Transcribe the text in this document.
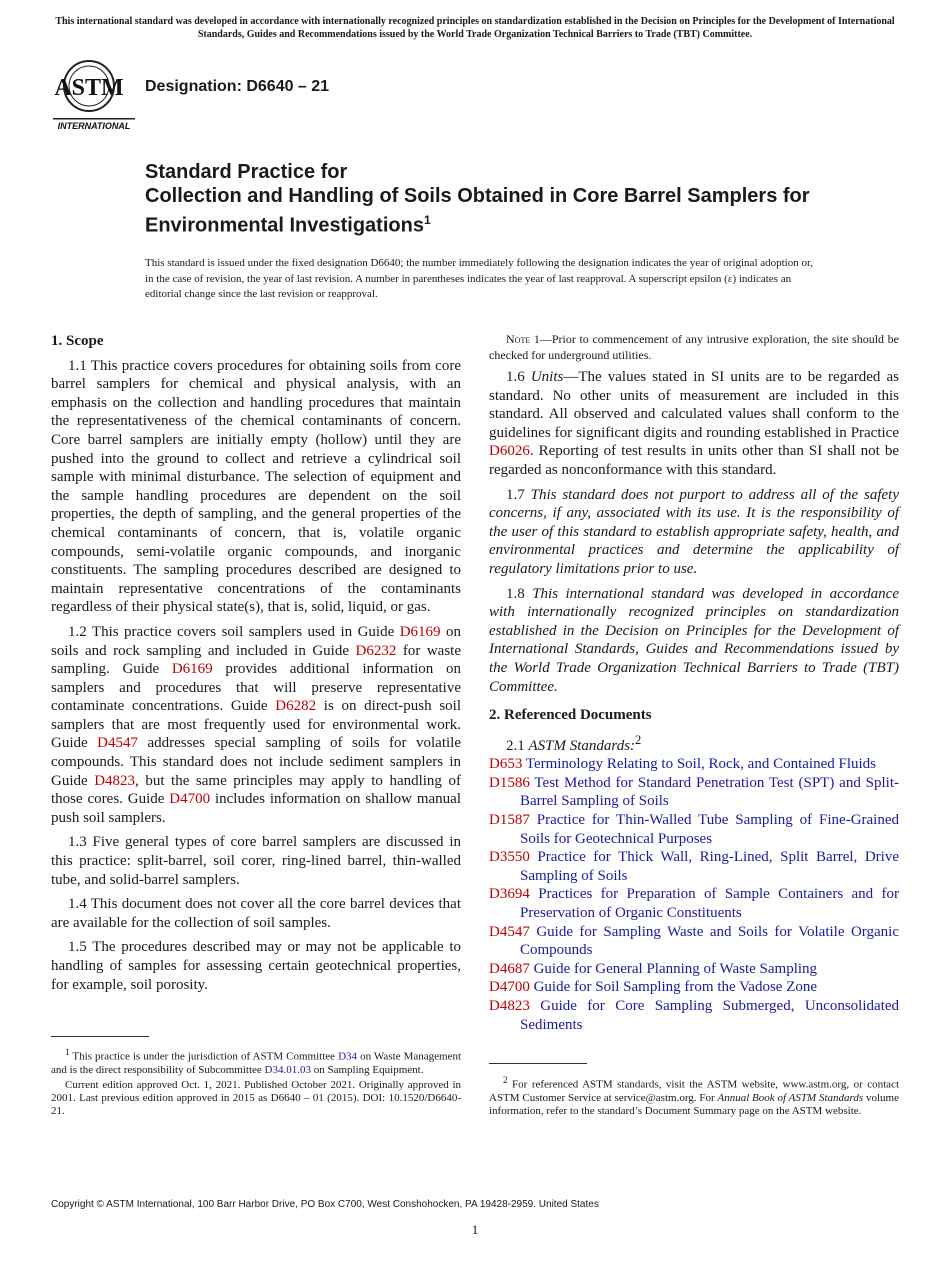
This international standard was developed in accordance with internationally recognized principles on standardization established in the Decision on Principles for the Development of International Standards, Guides and Recommendations issued by the World Trade Organization Technical Barriers to Trade (TBT) Committee.
ASTM
INTERNATIONAL
Designation: D6640 – 21
Standard Practice for
Collection and Handling of Soils Obtained in Core Barrel Samplers for Environmental Investigations$^1$
This standard is issued under the fixed designation D6640; the number immediately following the designation indicates the year of original adoption or, in the case of revision, the year of last revision. A number in parentheses indicates the year of last reapproval. A superscript epsilon (ε) indicates an editorial change since the last revision or reapproval.
1. Scope

1.1 This practice covers procedures for obtaining soils from core barrel samplers for chemical and physical analysis, with an emphasis on the collection and handling procedures that maintain the representativeness of the chemical contaminants of concern. Core barrel samplers are initially empty (hollow) until they are pushed into the ground to collect and retrieve a cylindrical soil sample with minimal disturbance. The selection of equipment and the sample handling procedures are dependent on the soil properties, the depth of sampling, and the general properties of the chemical contaminants of concern, that is, volatile organic compounds, semi-volatile organic compounds, and inorganic constituents. The sampling procedures described are designed to maintain representative concentrations of the contaminants regardless of their physical state(s), that is, solid, liquid, or gas.

1.2 This practice covers soil samplers used in Guide D6169 on soils and rock sampling and included in Guide D6232 for waste sampling. Guide D6169 provides additional information on samplers and procedures that will preserve representative contaminate concentrations. Guide D6282 is on direct-push soil samplers that are most frequently used for environmental work. Guide D4547 addresses special sampling of soils for volatile compounds. This standard does not include sediment samplers in Guide D4823, but the same principles may apply to handling of those cores. Guide D4700 includes information on shallow manual push soil samplers.

1.3 Five general types of core barrel samplers are discussed in this practice: split-barrel, soil corer, ring-lined barrel, thin-walled tube, and solid-barrel samplers.

1.4 This document does not cover all the core barrel devices that are available for the collection of soil samples.

1.5 The procedures described may or may not be applicable to handling of samples for assessing certain geotechnical properties, for example, soil porosity.

$^1$ This practice is under the jurisdiction of ASTM Committee D34 on Waste Management and is the direct responsibility of Subcommittee D34.01.03 on Sampling Equipment.

Current edition approved Oct. 1, 2021. Published October 2021. Originally approved in 2001. Last previous edition approved in 2015 as D6640 – 01 (2015). DOI: 10.1520/D6640-21.

Note 1—Prior to commencement of any intrusive exploration, the site should be checked for underground utilities.

1.6 Units—The values stated in SI units are to be regarded as standard. No other units of measurement are included in this standard. All observed and calculated values shall conform to the guidelines for significant digits and rounding established in Practice D6026. Reporting of test results in units other than SI shall not be regarded as nonconformance with this standard.

1.7 This standard does not purport to address all of the safety concerns, if any, associated with its use. It is the responsibility of the user of this standard to establish appropriate safety, health, and environmental practices and determine the applicability of regulatory limitations prior to use.

1.8 This international standard was developed in accordance with internationally recognized principles on standardization established in the Decision on Principles for the Development of International Standards, Guides and Recommendations issued by the World Trade Organization Technical Barriers to Trade (TBT) Committee.

2. Referenced Documents

2.1 ASTM Standards:$^2$

D653 Terminology Relating to Soil, Rock, and Contained Fluids

D1586 Test Method for Standard Penetration Test (SPT) and Split-Barrel Sampling of Soils

D1587 Practice for Thin-Walled Tube Sampling of Fine-Grained Soils for Geotechnical Purposes

D3550 Practice for Thick Wall, Ring-Lined, Split Barrel, Drive Sampling of Soils

D3694 Practices for Preparation of Sample Containers and for Preservation of Organic Constituents

D4547 Guide for Sampling Waste and Soils for Volatile Organic Compounds

D4687 Guide for General Planning of Waste Sampling

D4700 Guide for Soil Sampling from the Vadose Zone

D4823 Guide for Core Sampling Submerged, Unconsolidated Sediments

$^2$ For referenced ASTM standards, visit the ASTM website, www.astm.org, or contact ASTM Customer Service at service@astm.org. For Annual Book of ASTM Standards volume information, refer to the standard’s Document Summary page on the ASTM website.

Copyright © ASTM International, 100 Barr Harbor Drive, PO Box C700, West Conshohocken, PA 19428-2959. United States
1
